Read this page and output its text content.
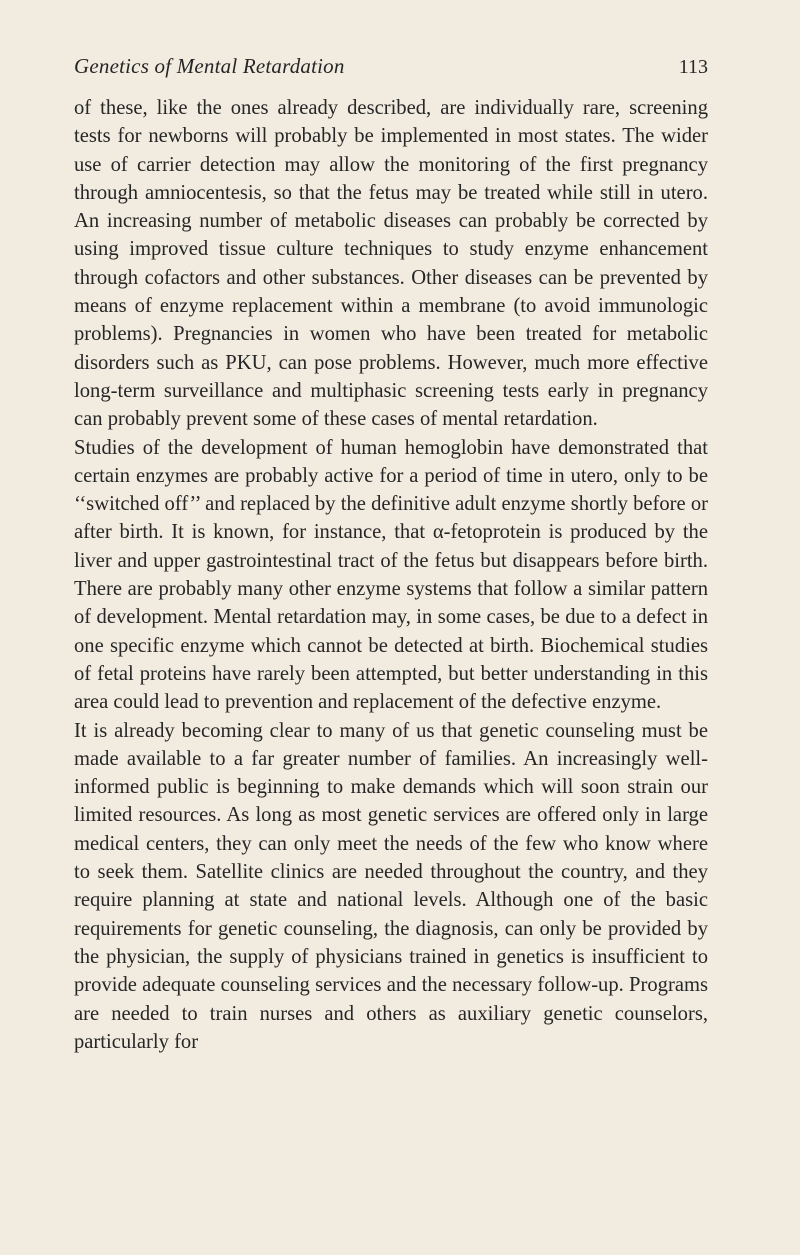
Genetics of Mental Retardation	113

of these, like the ones already described, are individually rare, screening tests for newborns will probably be implemented in most states. The wider use of carrier detection may allow the monitoring of the first pregnancy through amniocentesis, so that the fetus may be treated while still in utero. An increasing number of metabolic diseases can probably be corrected by using improved tissue culture techniques to study enzyme enhancement through cofactors and other substances. Other diseases can be prevented by means of enzyme replacement within a membrane (to avoid immunologic problems). Pregnancies in women who have been treated for metabolic disorders such as PKU, can pose problems. However, much more effective long-term surveillance and multiphasic screening tests early in pregnancy can probably prevent some of these cases of mental retardation.

Studies of the development of human hemoglobin have demonstrated that certain enzymes are probably active for a period of time in utero, only to be ‘‘switched off’’ and replaced by the definitive adult enzyme shortly before or after birth. It is known, for instance, that α-fetoprotein is produced by the liver and upper gastrointestinal tract of the fetus but disappears before birth. There are probably many other enzyme systems that follow a similar pattern of development. Mental retardation may, in some cases, be due to a defect in one specific enzyme which cannot be detected at birth. Biochemical studies of fetal proteins have rarely been attempted, but better understanding in this area could lead to prevention and replacement of the defective enzyme.

It is already becoming clear to many of us that genetic counseling must be made available to a far greater number of families. An increasingly well-informed public is beginning to make demands which will soon strain our limited resources. As long as most genetic services are offered only in large medical centers, they can only meet the needs of the few who know where to seek them. Satellite clinics are needed throughout the country, and they require planning at state and national levels. Although one of the basic requirements for genetic counseling, the diagnosis, can only be provided by the physician, the supply of physicians trained in genetics is insufficient to provide adequate counseling services and the necessary follow-up. Programs are needed to train nurses and others as auxiliary genetic counselors, particularly for
